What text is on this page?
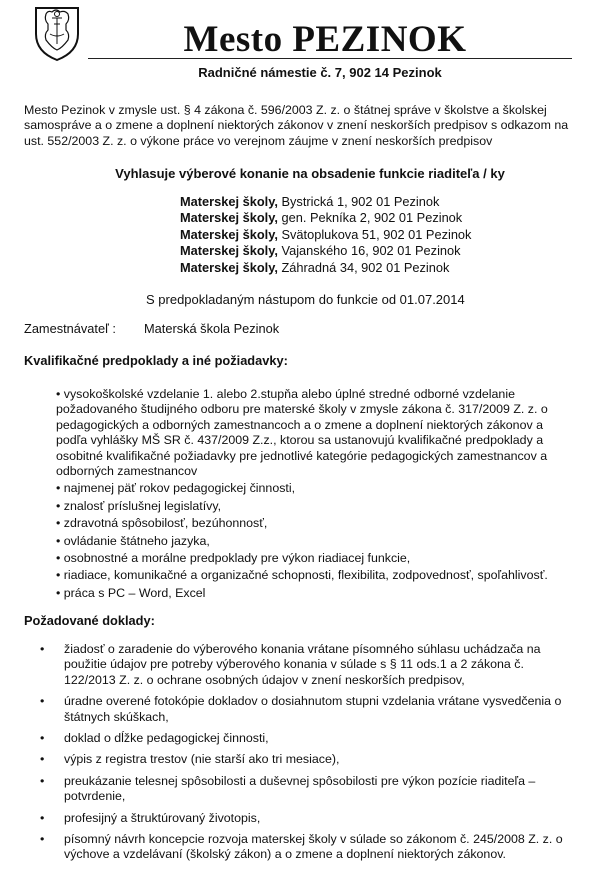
Mesto PEZINOK
Radničné námestie č. 7, 902 14 Pezinok
Mesto Pezinok v zmysle ust. § 4 zákona č. 596/2003 Z. z. o štátnej správe v školstve a školskej samospráve a o zmene a doplnení niektorých zákonov v znení neskorších predpisov s odkazom na ust. 552/2003 Z. z. o výkone práce vo verejnom záujme v znení neskorších predpisov
Vyhlasuje výberové konanie na obsadenie funkcie riaditeľa / ky
Materskej školy, Bystrická 1, 902 01 Pezinok
Materskej školy, gen. Pekníka 2, 902 01 Pezinok
Materskej školy, Svätoplukova 51, 902 01 Pezinok
Materskej školy, Vajanského 16, 902 01 Pezinok
Materskej školy, Záhradná 34, 902 01 Pezinok
S predpokladaným nástupom do funkcie od 01.07.2014
Zamestnávateľ : Materská škola Pezinok
Kvalifikačné predpoklady a iné požiadavky:
• vysokoškolské vzdelanie 1. alebo 2.stupňa alebo úplné stredné odborné vzdelanie požadovaného študijného odboru pre materské školy v zmysle zákona č. 317/2009 Z. z. o pedagogických a odborných zamestnancoch a o zmene a doplnení niektorých zákonov a podľa vyhlášky MŠ SR č. 437/2009 Z.z., ktorou sa ustanovujú kvalifikačné predpoklady a osobitné kvalifikačné požiadavky pre jednotlivé kategórie pedagogických zamestnancov a odborných zamestnancov
• najmenej päť rokov pedagogickej činnosti,
• znalosť príslušnej legislatívy,
• zdravotná spôsobilosť, bezúhonnosť,
• ovládanie štátneho jazyka,
• osobnostné a morálne predpoklady pre výkon riadiacej funkcie,
• riadiace, komunikačné a organizačné schopnosti, flexibilita, zodpovednosť, spoľahlivosť.
• práca s PC – Word, Excel
Požadované doklady:
• žiadosť o zaradenie do výberového konania vrátane písomného súhlasu uchádzača na použitie údajov pre potreby výberového konania v súlade s § 11 ods.1 a 2 zákona č. 122/2013 Z. z. o ochrane osobných údajov v znení neskorších predpisov,
• úradne overené fotokópie dokladov o dosiahnutom stupni vzdelania vrátane vysvedčenia o štátnych skúškach,
• doklad o dĺžke pedagogickej činnosti,
• výpis z registra trestov (nie starší ako tri mesiace),
• preukázanie telesnej spôsobilosti a duševnej spôsobilosti pre výkon pozície riaditeľa – potvrdenie,
• profesijný a štruktúrovaný životopis,
• písomný návrh koncepcie rozvoja materskej školy v súlade so zákonom č. 245/2008 Z. z. o výchove a vzdelávaní (školský zákon) a o zmene a doplnení niektorých zákonov.
